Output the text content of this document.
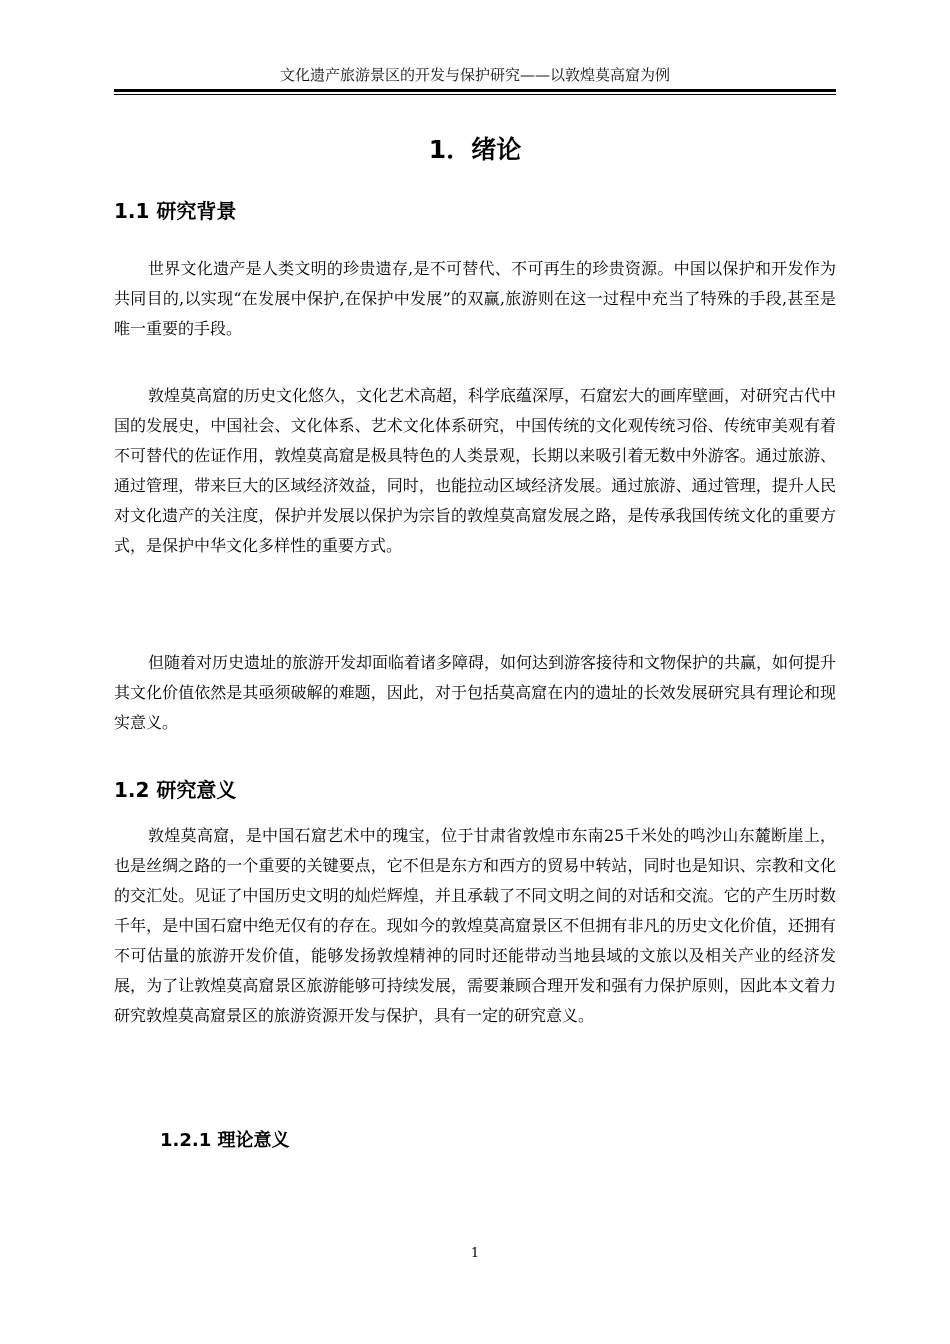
文化遗产旅游景区的开发与保护研究——以敦煌莫高窟为例
1．绪论
1.1 研究背景

世界文化遗产是人类文明的珍贵遗存,是不可替代、不可再生的珍贵资源。中国以保护和开发作为共同目的,以实现“在发展中保护,在保护中发展”的双赢,旅游则在这一过程中充当了特殊的手段,甚至是唯一重要的手段。

敦煌莫高窟的历史文化悠久，文化艺术高超，科学底蕴深厚，石窟宏大的画库壁画，对研究古代中国的发展史，中国社会、文化体系、艺术文化体系研究，中国传统的文化观传统习俗、传统审美观有着不可替代的佐证作用，敦煌莫高窟是极具特色的人类景观，长期以来吸引着无数中外游客。通过旅游、通过管理，带来巨大的区域经济效益，同时，也能拉动区域经济发展。通过旅游、通过管理，提升人民对文化遗产的关注度，保护并发展以保护为宗旨的敦煌莫高窟发展之路，是传承我国传统文化的重要方式，是保护中华文化多样性的重要方式。

但随着对历史遗址的旅游开发却面临着诸多障碍，如何达到游客接待和文物保护的共赢，如何提升其文化价值依然是其亟须破解的难题，因此，对于包括莫高窟在内的遗址的长效发展研究具有理论和现实意义。

1.2 研究意义

敦煌莫高窟，是中国石窟艺术中的瑰宝，位于甘肃省敦煌市东南25千米处的鸣沙山东麓断崖上，也是丝绸之路的一个重要的关键要点，它不但是东方和西方的贸易中转站，同时也是知识、宗教和文化的交汇处。见证了中国历史文明的灿烂辉煌，并且承载了不同文明之间的对话和交流。它的产生历时数千年，是中国石窟中绝无仅有的存在。现如今的敦煌莫高窟景区不但拥有非凡的历史文化价值，还拥有不可估量的旅游开发价值，能够发扬敦煌精神的同时还能带动当地县域的文旅以及相关产业的经济发展，为了让敦煌莫高窟景区旅游能够可持续发展，需要兼顾合理开发和强有力保护原则，因此本文着力研究敦煌莫高窟景区的旅游资源开发与保护，具有一定的研究意义。

1.2.1 理论意义
1
